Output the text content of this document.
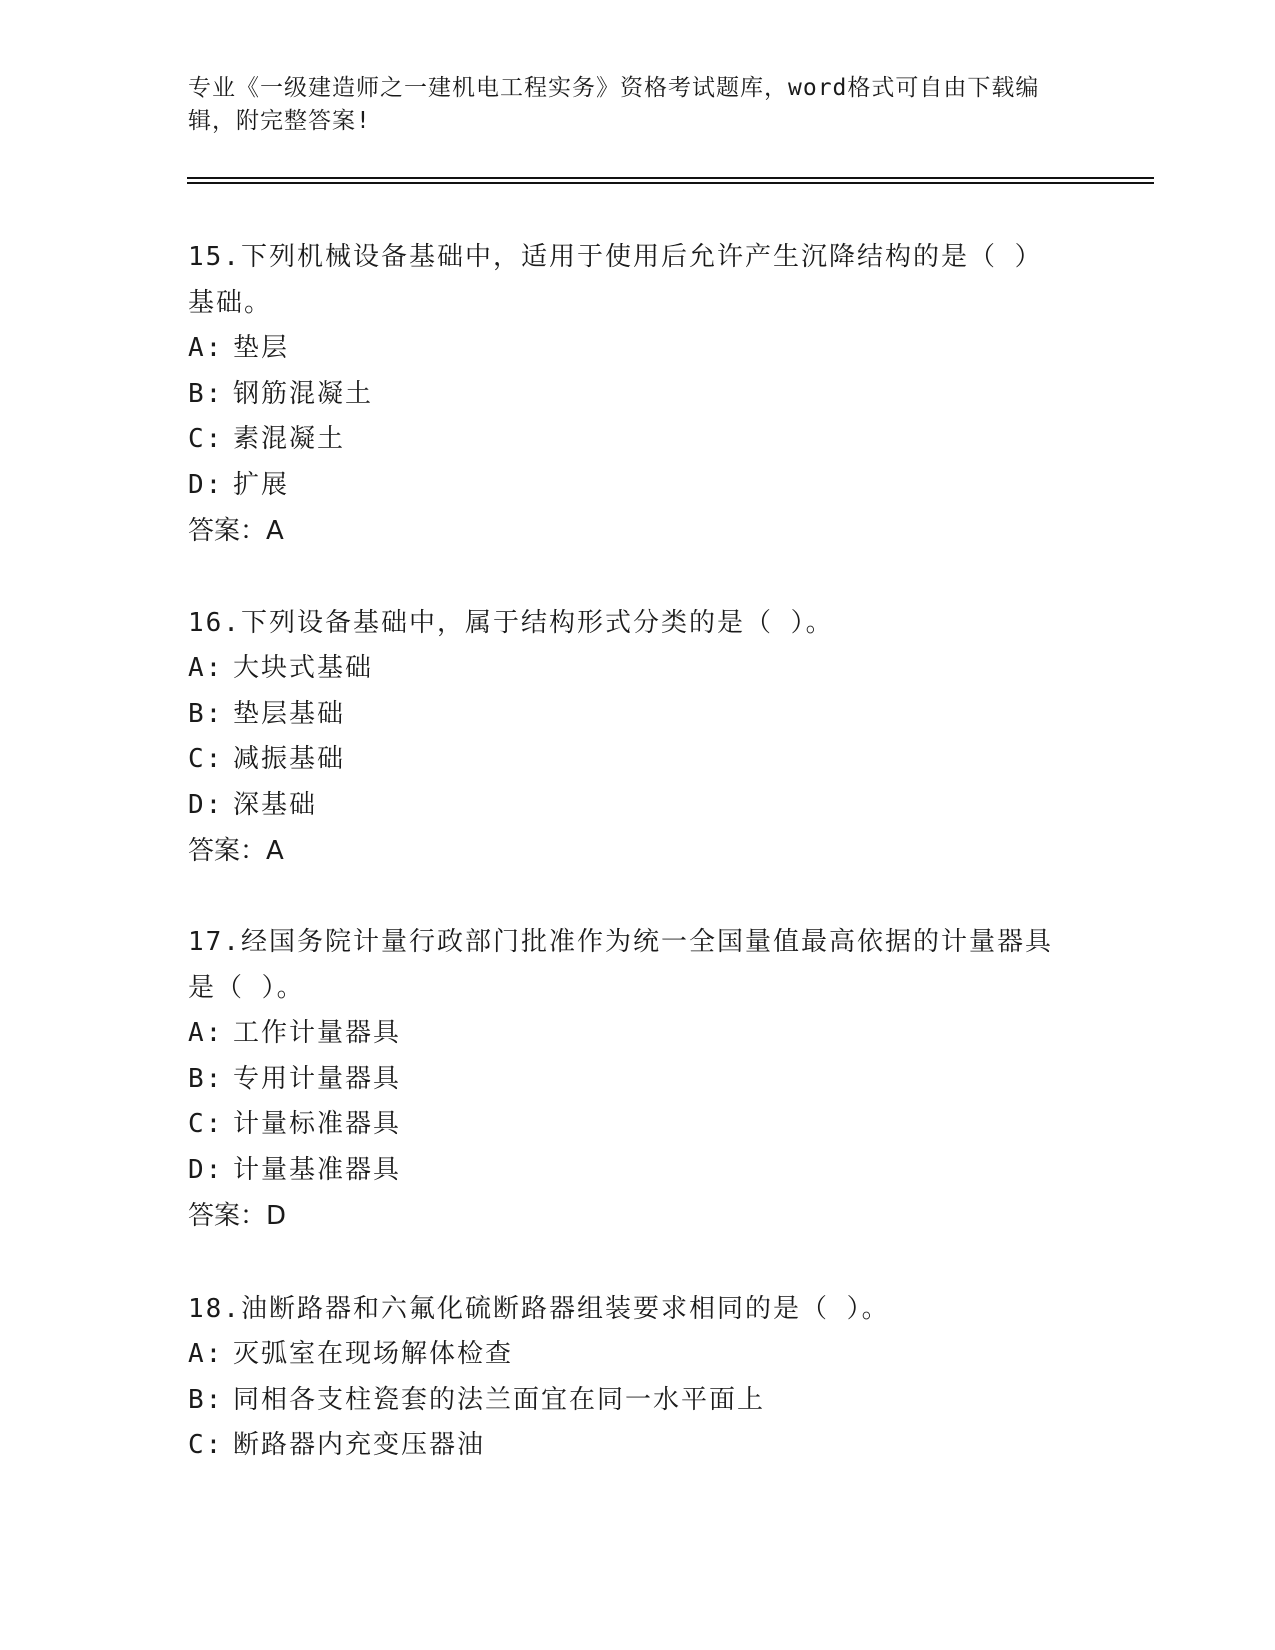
专业《一级建造师之一建机电工程实务》资格考试题库，word格式可自由下载编
辑，附完整答案!

15.下列机械设备基础中，适用于使用后允许产生沉降结构的是（ ）

基础。

A: 垫层

B: 钢筋混凝土

C: 素混凝土

D: 扩展

答案：A

16.下列设备基础中，属于结构形式分类的是（ ）。

A: 大块式基础

B: 垫层基础

C: 减振基础

D: 深基础

答案：A

17.经国务院计量行政部门批准作为统一全国量值最高依据的计量器具

是（ ）。

A: 工作计量器具

B: 专用计量器具

C: 计量标准器具

D: 计量基准器具

答案：D

18.油断路器和六氟化硫断路器组装要求相同的是（ ）。

A: 灭弧室在现场解体检查

B: 同相各支柱瓷套的法兰面宜在同一水平面上

C: 断路器内充变压器油
